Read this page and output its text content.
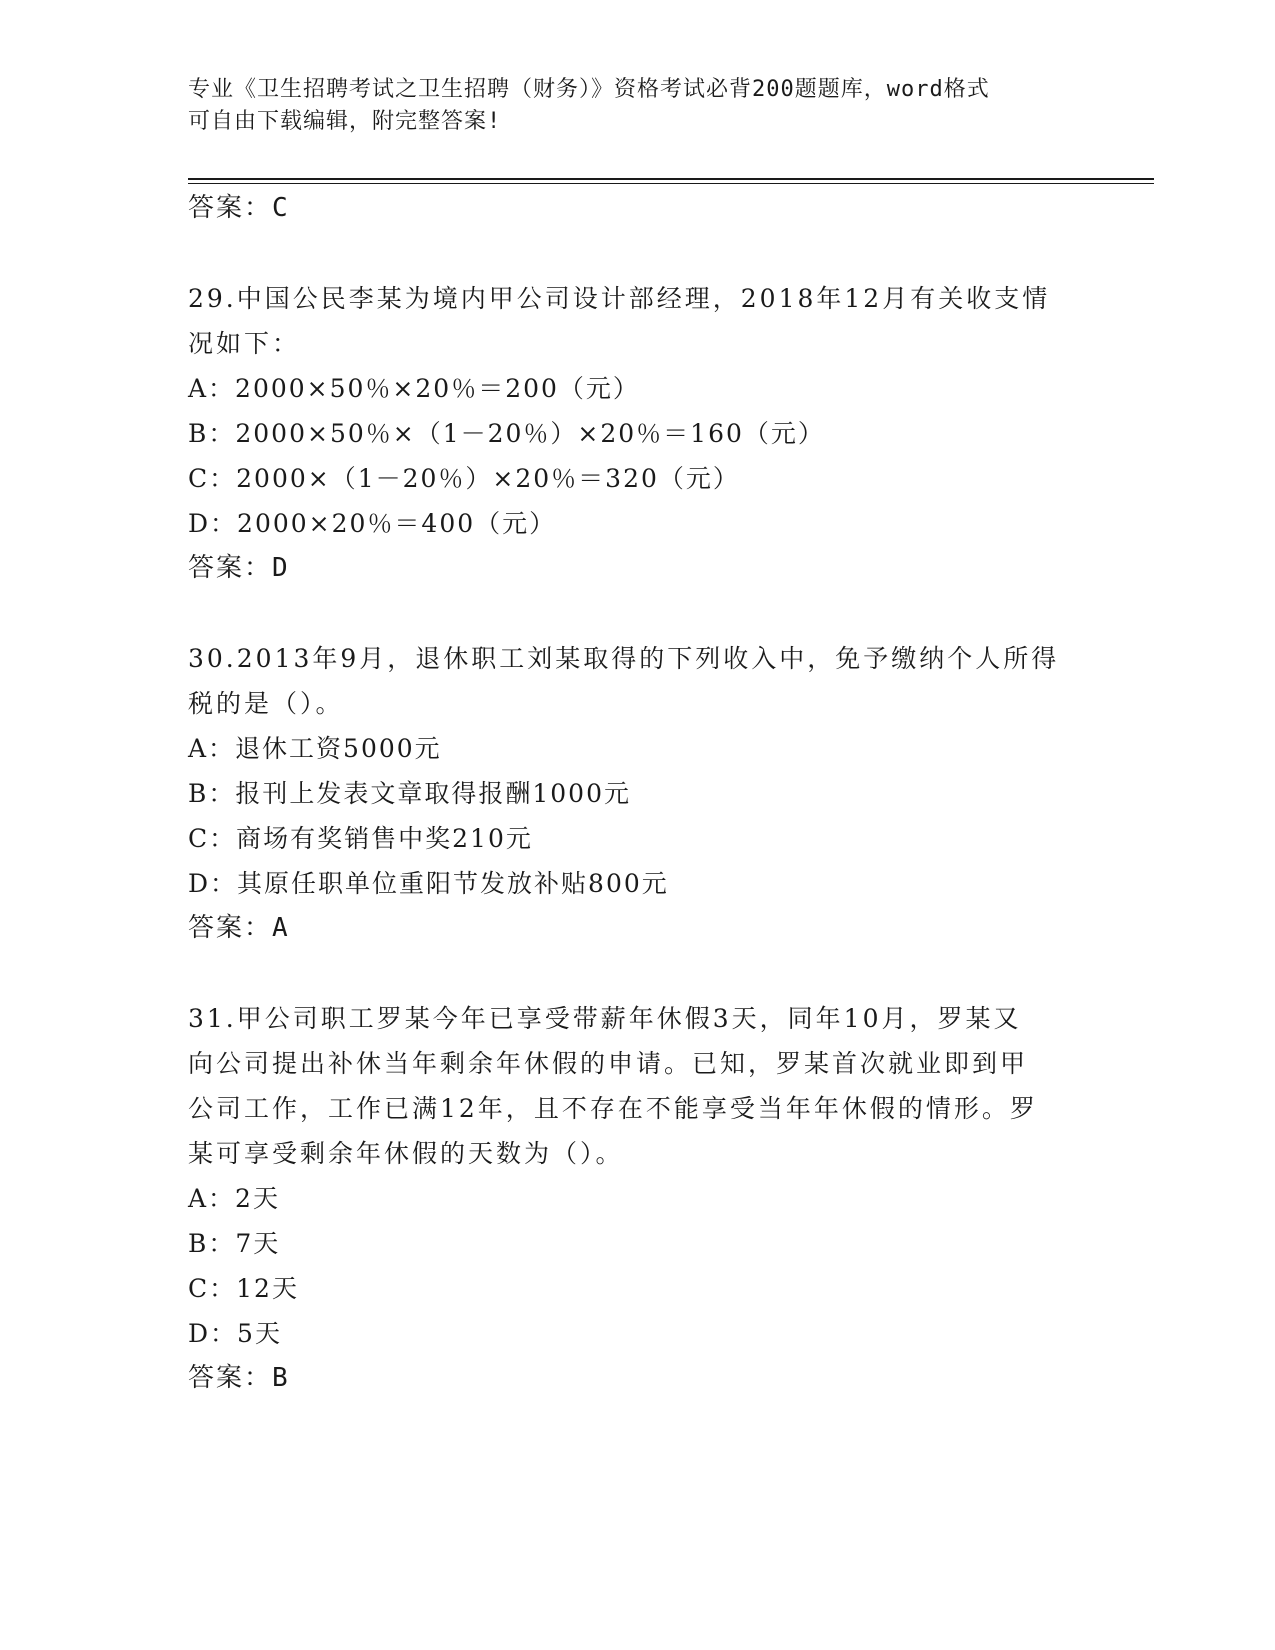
专业《卫生招聘考试之卫生招聘（财务）》资格考试必背200题题库，word格式
可自由下载编辑，附完整答案!
答案：C
29.中国公民李某为境内甲公司设计部经理，2018年12月有关收支情
况如下：
A：2000×50％×20％＝200（元）
B：2000×50％×（1－20％）×20％＝160（元）
C：2000×（1－20％）×20％＝320（元）
D：2000×20％＝400（元）
答案：D
30.2013年9月，退休职工刘某取得的下列收入中，免予缴纳个人所得
税的是（）。
A：退休工资5000元
B：报刊上发表文章取得报酬1000元
C：商场有奖销售中奖210元
D：其原任职单位重阳节发放补贴800元
答案：A
31.甲公司职工罗某今年已享受带薪年休假3天，同年10月，罗某又
向公司提出补休当年剩余年休假的申请。已知，罗某首次就业即到甲
公司工作，工作已满12年，且不存在不能享受当年年休假的情形。罗
某可享受剩余年休假的天数为（）。
A：2天
B：7天
C：12天
D：5天
答案：B
